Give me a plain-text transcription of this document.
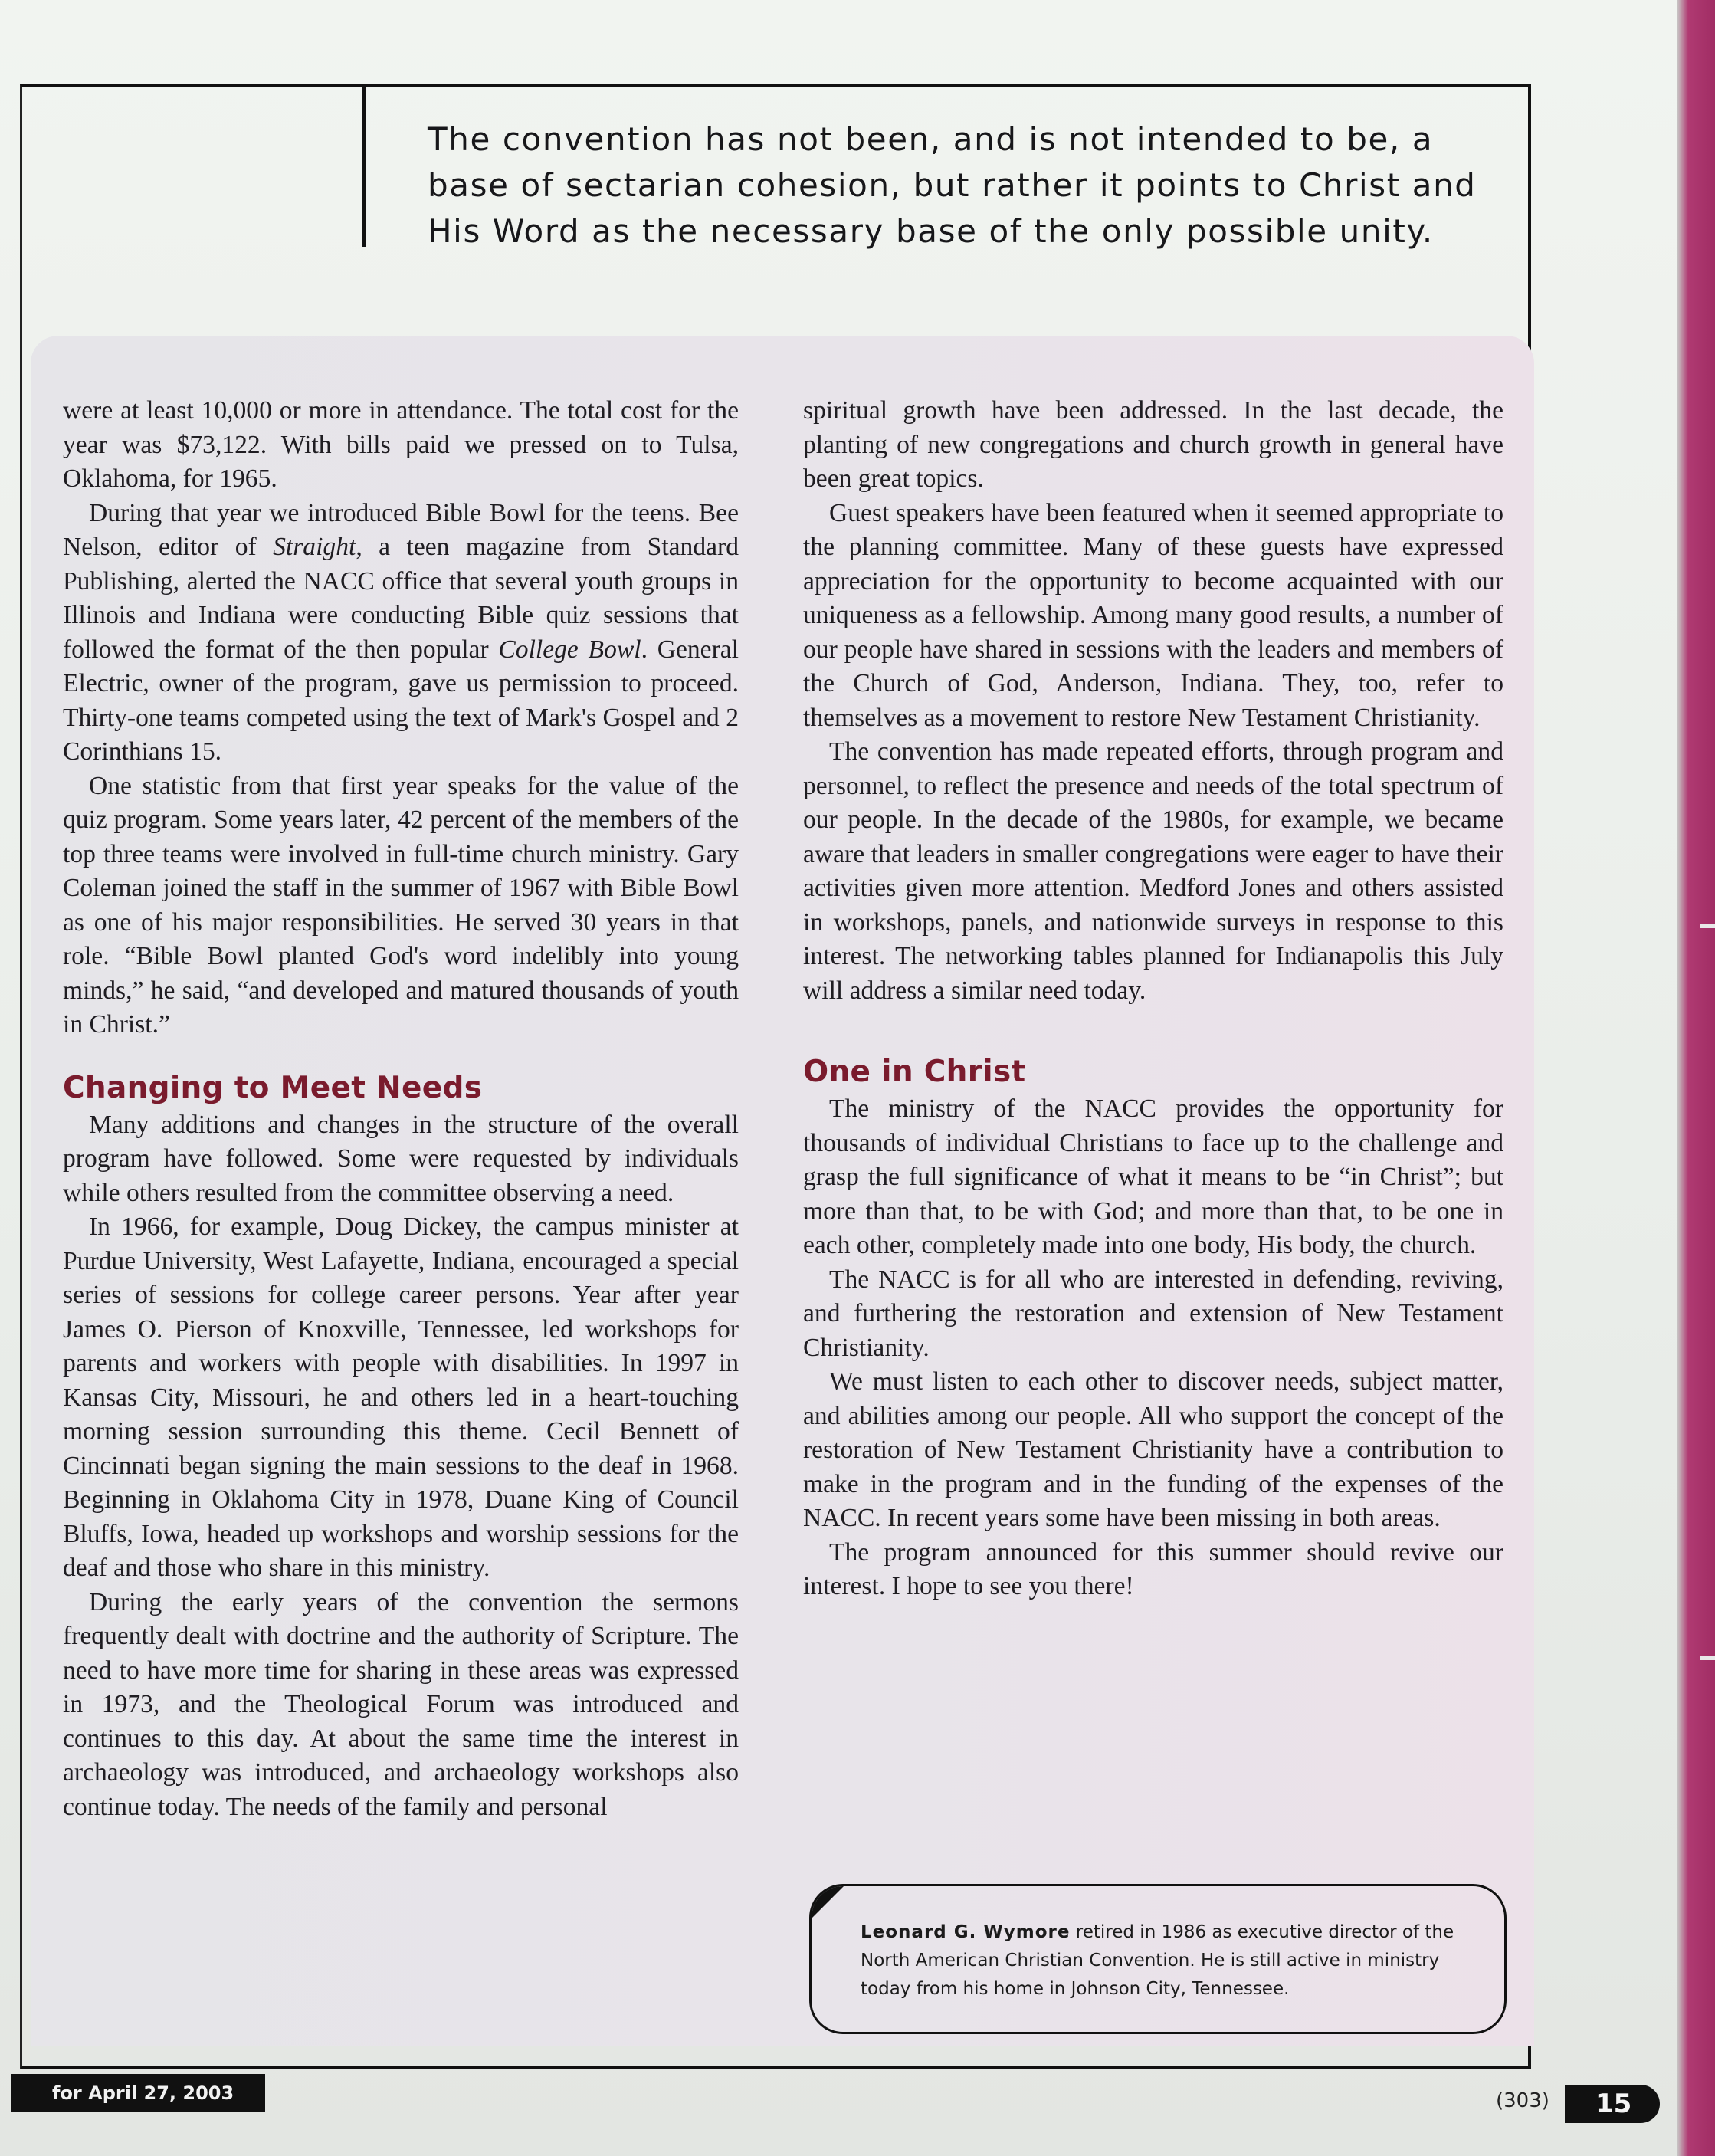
The convention has not been, and is not intended to be, a base of sectarian cohesion, but rather it points to Christ and His Word as the necessary base of the only possible unity.

were at least 10,000 or more in attendance. The total cost for the year was $73,122. With bills paid we pressed on to Tulsa, Oklahoma, for 1965.

During that year we introduced Bible Bowl for the teens. Bee Nelson, editor of Straight, a teen magazine from Standard Publishing, alerted the NACC office that several youth groups in Illinois and Indiana were conducting Bible quiz sessions that followed the format of the then popular College Bowl. General Electric, owner of the program, gave us permission to proceed. Thirty-one teams competed using the text of Mark's Gospel and 2 Corinthians 15.

One statistic from that first year speaks for the value of the quiz program. Some years later, 42 percent of the members of the top three teams were involved in full-time church ministry. Gary Coleman joined the staff in the summer of 1967 with Bible Bowl as one of his major responsibilities. He served 30 years in that role. “Bible Bowl planted God's word indelibly into young minds,” he said, “and developed and matured thousands of youth in Christ.”

Changing to Meet Needs

Many additions and changes in the structure of the overall program have followed. Some were requested by individuals while others resulted from the committee observing a need.

In 1966, for example, Doug Dickey, the campus minister at Purdue University, West Lafayette, Indiana, encouraged a special series of sessions for college career persons. Year after year James O. Pierson of Knoxville, Tennessee, led workshops for parents and workers with people with disabilities. In 1997 in Kansas City, Missouri, he and others led in a heart-touching morning session surrounding this theme. Cecil Bennett of Cincinnati began signing the main sessions to the deaf in 1968. Beginning in Oklahoma City in 1978, Duane King of Council Bluffs, Iowa, headed up workshops and worship sessions for the deaf and those who share in this ministry.

During the early years of the convention the sermons frequently dealt with doctrine and the authority of Scripture. The need to have more time for sharing in these areas was expressed in 1973, and the Theological Forum was introduced and continues to this day. At about the same time the interest in archaeology was introduced, and archaeology workshops also continue today. The needs of the family and personal

spiritual growth have been addressed. In the last decade, the planting of new congregations and church growth in general have been great topics.

Guest speakers have been featured when it seemed appropriate to the planning committee. Many of these guests have expressed appreciation for the opportunity to become acquainted with our uniqueness as a fellowship. Among many good results, a number of our people have shared in sessions with the leaders and members of the Church of God, Anderson, Indiana. They, too, refer to themselves as a movement to restore New Testament Christianity.

The convention has made repeated efforts, through program and personnel, to reflect the presence and needs of the total spectrum of our people. In the decade of the 1980s, for example, we became aware that leaders in smaller congregations were eager to have their activities given more attention. Medford Jones and others assisted in workshops, panels, and nationwide surveys in response to this interest. The networking tables planned for Indianapolis this July will address a similar need today.

One in Christ

The ministry of the NACC provides the opportunity for thousands of individual Christians to face up to the challenge and grasp the full significance of what it means to be “in Christ”; but more than that, to be with God; and more than that, to be one in each other, completely made into one body, His body, the church.

The NACC is for all who are interested in defending, reviving, and furthering the restoration and extension of New Testament Christianity.

We must listen to each other to discover needs, subject matter, and abilities among our people. All who support the concept of the restoration of New Testament Christianity have a contribution to make in the program and in the funding of the expenses of the NACC. In recent years some have been missing in both areas.

The program announced for this summer should revive our interest. I hope to see you there!

Leonard G. Wymore retired in 1986 as executive director of the North American Christian Convention. He is still active in ministry today from his home in Johnson City, Tennessee.

for April 27, 2003	(303)	15
